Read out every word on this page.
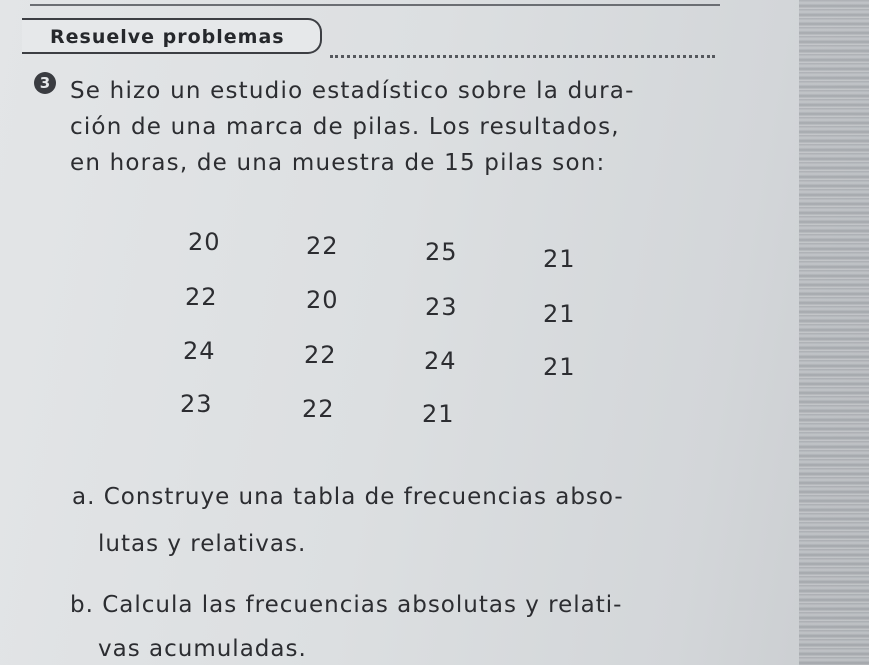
Resuelve problemas
3 Se hizo un estudio estadístico sobre la dura-
ción de una marca de pilas. Los resultados,
en horas, de una muestra de 15 pilas son:
20	22	25	21
22	20	23	21
24	22	24	21
23	22	21
a. Construye una tabla de frecuencias abso-
lutas y relativas.
b. Calcula las frecuencias absolutas y relati-
vas acumuladas.
